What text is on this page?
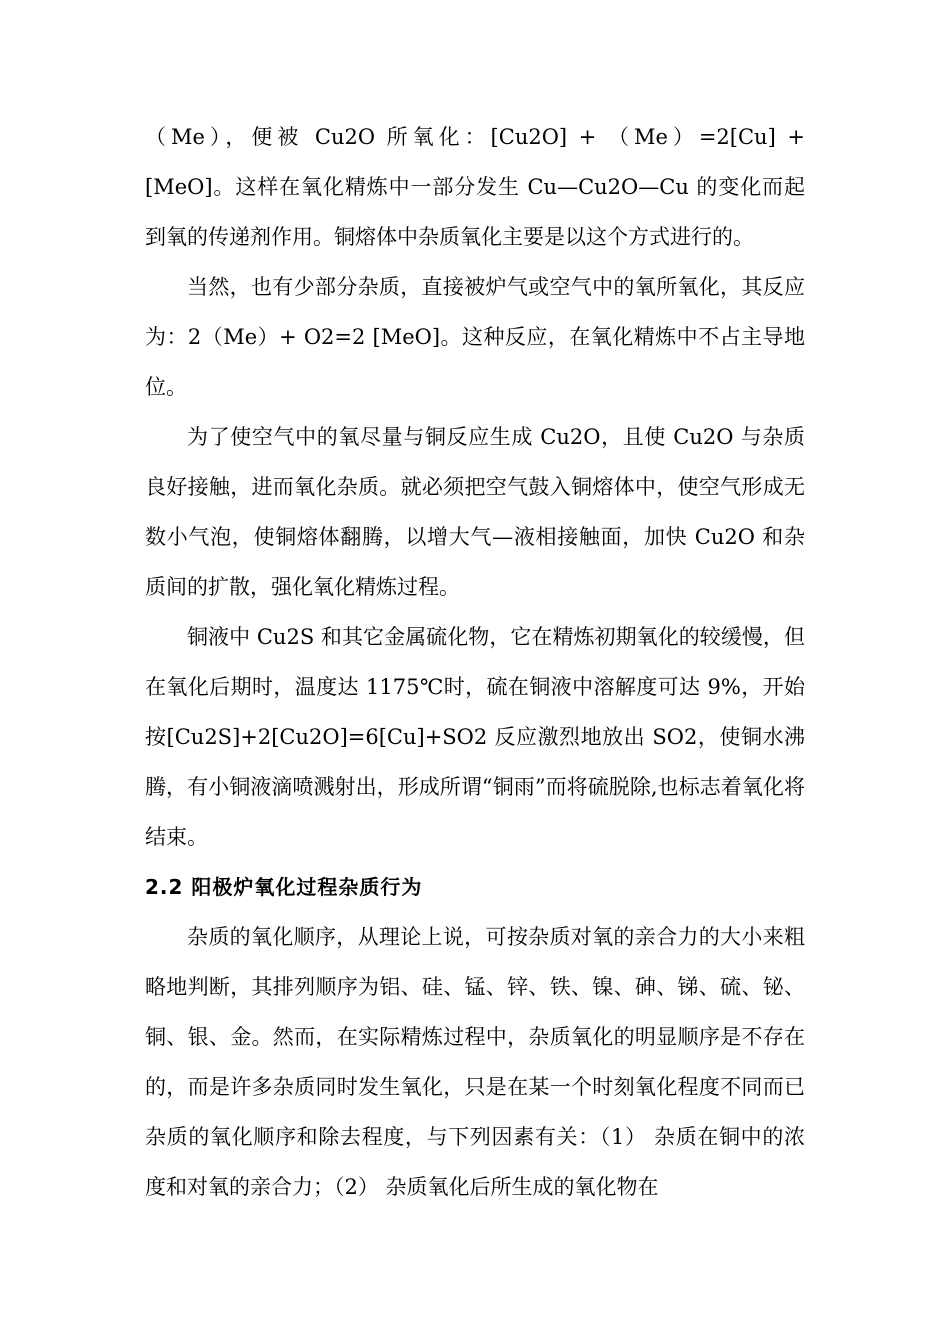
（Me），便被 Cu2O 所氧化：[Cu2O] + （Me）=2[Cu] + [MeO]。这样在氧化精炼中一部分发生 Cu—Cu2O—Cu 的变化而起到氧的传递剂作用。铜熔体中杂质氧化主要是以这个方式进行的。

当然，也有少部分杂质，直接被炉气或空气中的氧所氧化，其反应为：2（Me）+ O2=2 [MeO]。这种反应，在氧化精炼中不占主导地位。

为了使空气中的氧尽量与铜反应生成 Cu2O，且使 Cu2O 与杂质良好接触，进而氧化杂质。就必须把空气鼓入铜熔体中，使空气形成无数小气泡，使铜熔体翻腾，以增大气—液相接触面，加快 Cu2O 和杂质间的扩散，强化氧化精炼过程。

铜液中 Cu2S 和其它金属硫化物，它在精炼初期氧化的较缓慢，但在氧化后期时，温度达 1175℃时，硫在铜液中溶解度可达 9%，开始按[Cu2S]+2[Cu2O]=6[Cu]+SO2 反应激烈地放出 SO2，使铜水沸腾，有小铜液滴喷溅射出，形成所谓“铜雨”而将硫脱除,也标志着氧化将结束。

2.2 阳极炉氧化过程杂质行为

杂质的氧化顺序，从理论上说，可按杂质对氧的亲合力的大小来粗略地判断，其排列顺序为铝、硅、锰、锌、铁、镍、砷、锑、硫、铋、铜、银、金。然而，在实际精炼过程中，杂质氧化的明显顺序是不存在的，而是许多杂质同时发生氧化，只是在某一个时刻氧化程度不同而已杂质的氧化顺序和除去程度，与下列因素有关：（1） 杂质在铜中的浓度和对氧的亲合力；（2） 杂质氧化后所生成的氧化物在
